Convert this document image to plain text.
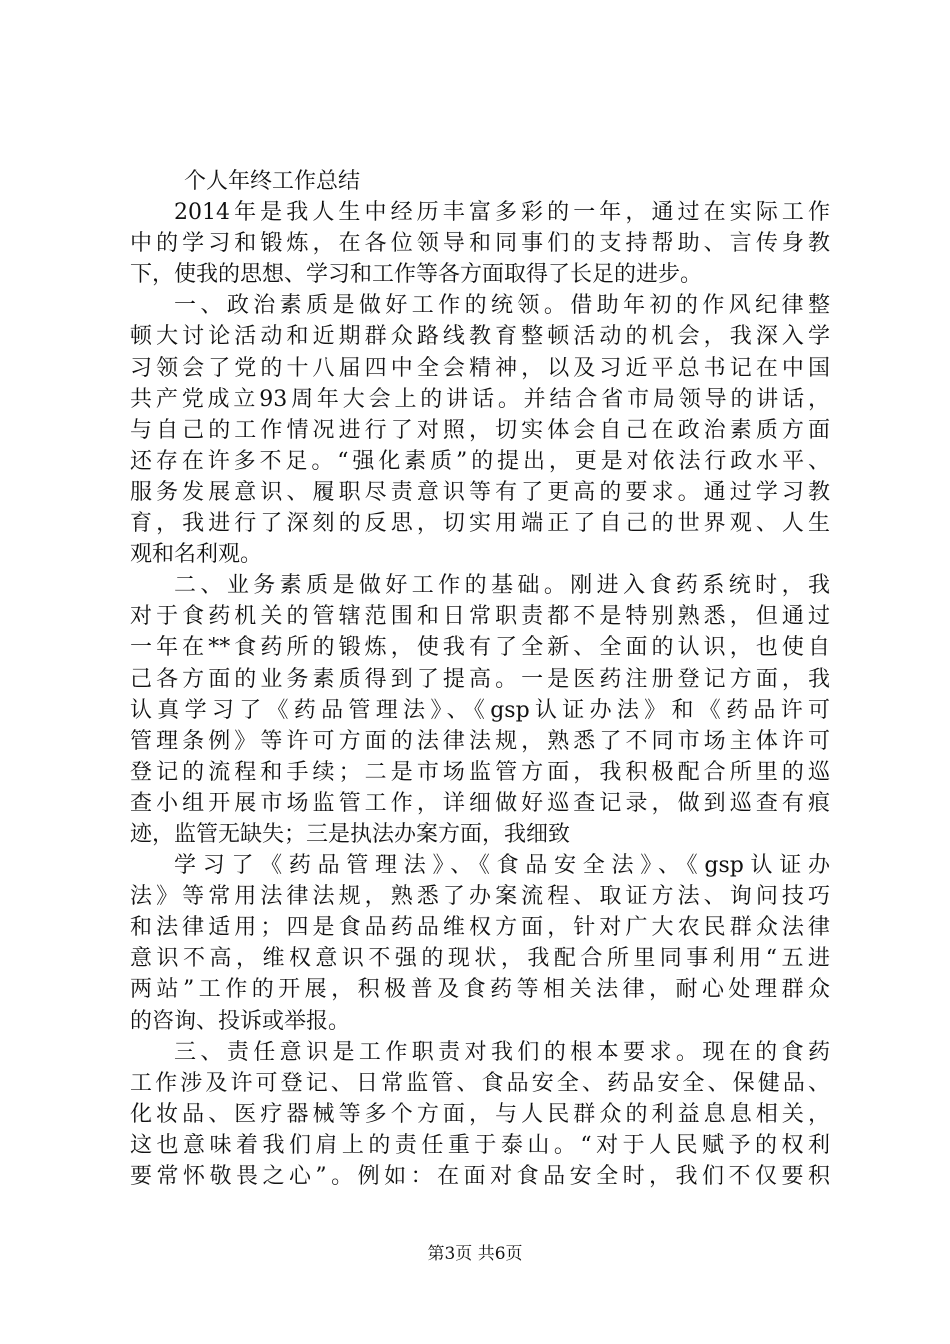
个人年终工作总结
2014年是我人生中经历丰富多彩的一年，通过在实际工作
中的学习和锻炼，在各位领导和同事们的支持帮助、言传身教
下，使我的思想、学习和工作等各方面取得了长足的进步。
一、政治素质是做好工作的统领。借助年初的作风纪律整
顿大讨论活动和近期群众路线教育整顿活动的机会，我深入学
习领会了党的十八届四中全会精神，以及习近平总书记在中国
共产党成立93周年大会上的讲话。并结合省市局领导的讲话，
与自己的工作情况进行了对照，切实体会自己在政治素质方面
还存在许多不足。“强化素质”的提出，更是对依法行政水平、
服务发展意识、履职尽责意识等有了更高的要求。通过学习教
育，我进行了深刻的反思，切实用端正了自己的世界观、人生
观和名利观。
二、业务素质是做好工作的基础。刚进入食药系统时，我
对于食药机关的管辖范围和日常职责都不是特别熟悉，但通过
一年在**食药所的锻炼，使我有了全新、全面的认识，也使自
己各方面的业务素质得到了提高。一是医药注册登记方面，我
认真学习了《药品管理法》、《gsp认证办法》和《药品许可
管理条例》等许可方面的法律法规，熟悉了不同市场主体许可
登记的流程和手续；二是市场监管方面，我积极配合所里的巡
查小组开展市场监管工作，详细做好巡查记录，做到巡查有痕
迹，监管无缺失；三是执法办案方面，我细致
学习了《药品管理法》、《食品安全法》、《gsp认证办
法》等常用法律法规，熟悉了办案流程、取证方法、询问技巧
和法律适用；四是食品药品维权方面，针对广大农民群众法律
意识不高，维权意识不强的现状，我配合所里同事利用“五进
两站”工作的开展，积极普及食药等相关法律，耐心处理群众
的咨询、投诉或举报。
三、责任意识是工作职责对我们的根本要求。现在的食药
工作涉及许可登记、日常监管、食品安全、药品安全、保健品、
化妆品、医疗器械等多个方面，与人民群众的利益息息相关，
这也意味着我们肩上的责任重于泰山。“对于人民赋予的权利
要常怀敬畏之心”。例如：在面对食品安全时，我们不仅要积
第3页 共6页
